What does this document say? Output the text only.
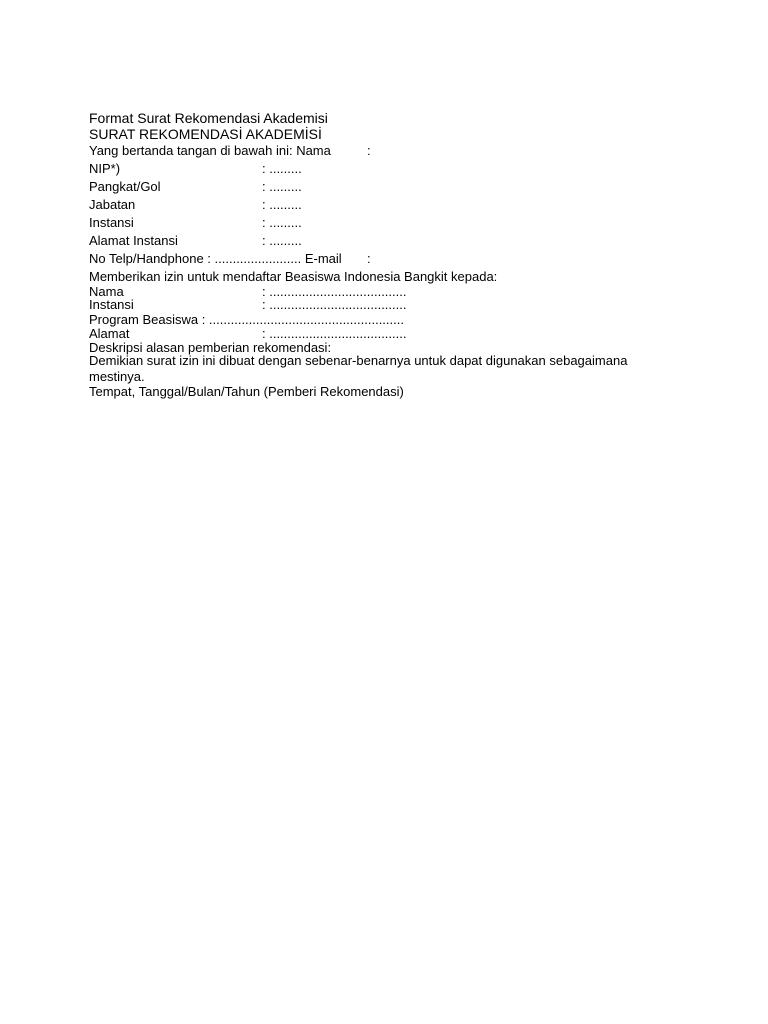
Format Surat Rekomendasi Akademisi
SURAT REKOMENDASİ AKADEMİSİ
Yang bertanda tangan di bawah ini: Nama	:
NIP*)	: .........
Pangkat/Gol	: .........
Jabatan	: .........
Instansi	: .........
Alamat Instansi	: .........
No Telp/Handphone : ........................ E-mail :
Memberikan izin untuk mendaftar Beasiswa Indonesia Bangkit kepada:
Nama	: ......................................
Instansi	: ......................................
Program Beasiswa : ......................................................
Alamat	: ......................................
Deskripsi alasan pemberian rekomendasi:
Demikian surat izin ini dibuat dengan sebenar-benarnya untuk dapat digunakan sebagaimana
mestinya.
Tempat, Tanggal/Bulan/Tahun (Pemberi Rekomendasi)
